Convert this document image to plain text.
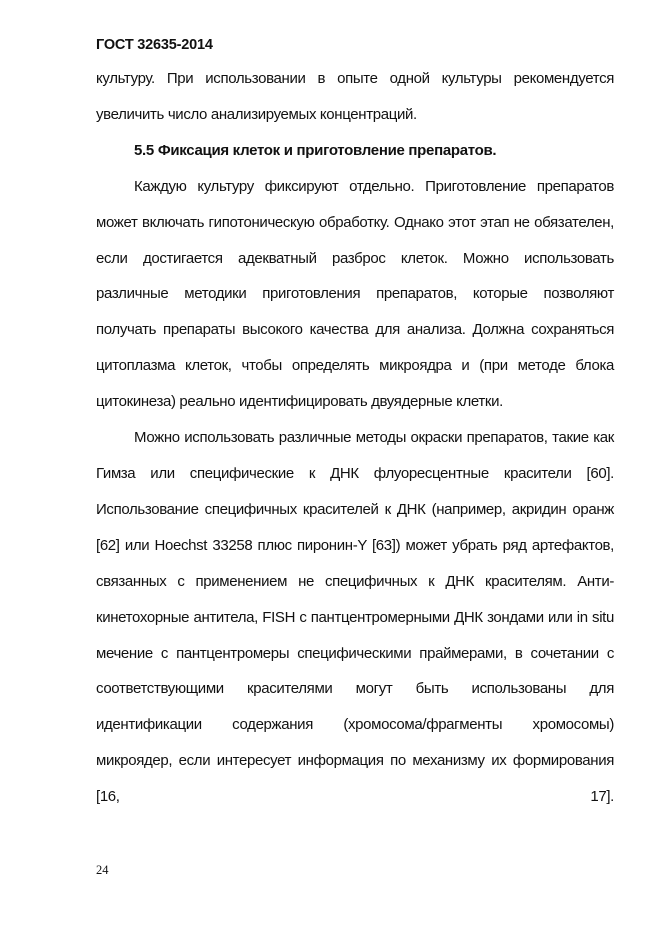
ГОСТ 32635-2014

культуру. При использовании в опыте одной культуры рекомендуется увеличить число анализируемых концентраций.

5.5 Фиксация клеток и приготовление препаратов.

Каждую культуру фиксируют отдельно. Приготовление препаратов может включать гипотоническую обработку. Однако этот этап не обязателен, если достигается адекватный разброс клеток. Можно использовать различные методики приготовления препаратов, которые позволяют получать препараты высокого качества для анализа. Должна сохраняться цитоплазма клеток, чтобы определять микроядра и (при методе блока цитокинеза) реально идентифицировать двуядерные клетки.

Можно использовать различные методы окраски препаратов, такие как Гимза или специфические к ДНК флуоресцентные красители [60]. Использование специфичных красителей к ДНК (например, акридин оранж [62] или Hoechst 33258 плюс пиронин-Y [63]) может убрать ряд артефактов, связанных с применением не специфичных к ДНК красителям. Анти-кинетохорные антитела, FISH с пантцентромерными ДНК зондами или in situ мечение с пантцентромеры специфическими праймерами, в сочетании с соответствующими красителями могут быть использованы для идентификации содержания (хромосома/фрагменты хромосомы) микроядер, если интересует информация по механизму их формирования [16, 17].

24
